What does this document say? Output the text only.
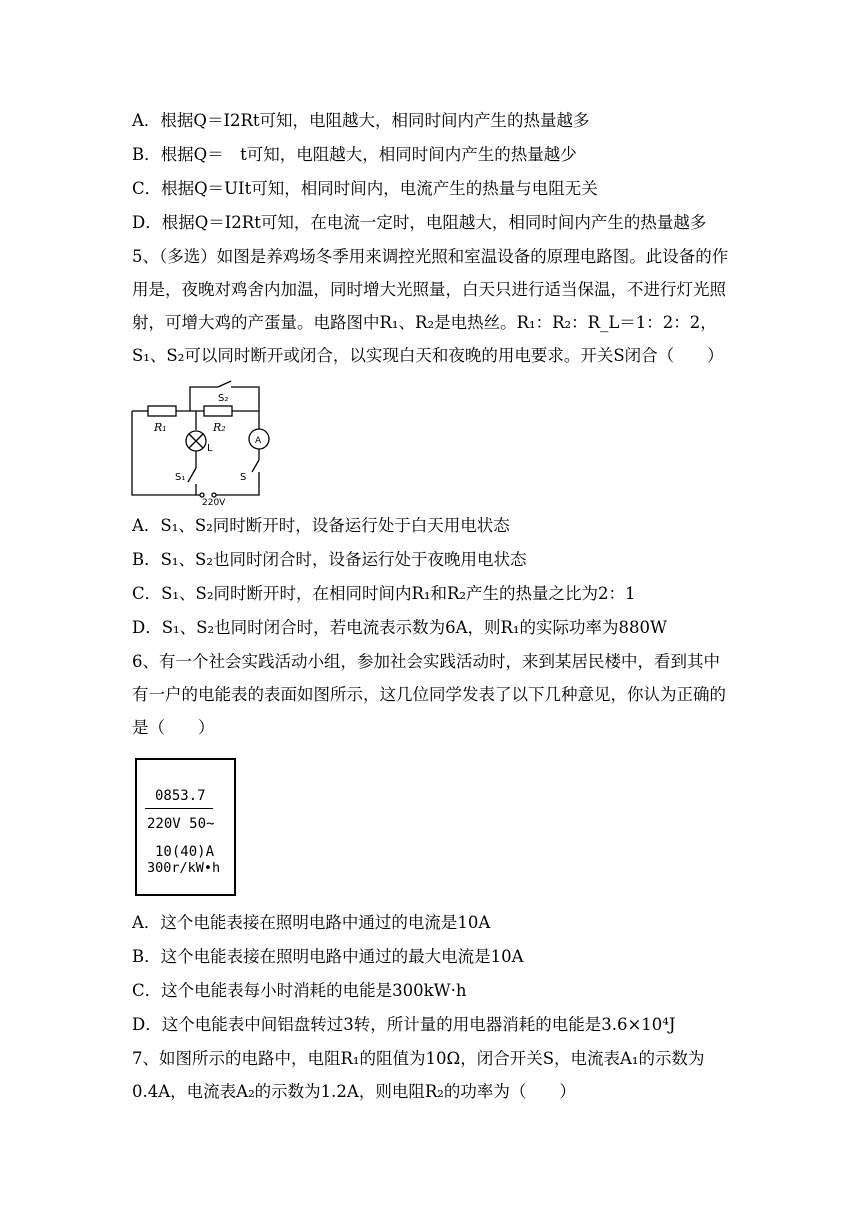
A．根据Q＝I2Rt可知，电阻越大，相同时间内产生的热量越多
B．根据Q＝　t可知，电阻越大，相同时间内产生的热量越少
C．根据Q＝UIt可知，相同时间内，电流产生的热量与电阻无关
D．根据Q＝I2Rt可知，在电流一定时，电阻越大，相同时间内产生的热量越多
5、（多选）如图是养鸡场冬季用来调控光照和室温设备的原理电路图。此设备的作用是，夜晚对鸡舍内加温，同时增大光照量，白天只进行适当保温，不进行灯光照射，可增大鸡的产蛋量。电路图中R₁、R₂是电热丝。R₁：R₂：R_L＝1：2：2，S₁、S₂可以同时断开或闭合，以实现白天和夜晚的用电要求。开关S闭合（　　）
R₁	R₂
S₂
L
A
S₁	S
220V
A．S₁、S₂同时断开时，设备运行处于白天用电状态
B．S₁、S₂也同时闭合时，设备运行处于夜晚用电状态
C．S₁、S₂同时断开时，在相同时间内R₁和R₂产生的热量之比为2：1
D．S₁、S₂也同时闭合时，若电流表示数为6A，则R₁的实际功率为880W
6、有一个社会实践活动小组，参加社会实践活动时，来到某居民楼中，看到其中有一户的电能表的表面如图所示，这几位同学发表了以下几种意见，你认为正确的是（　　）
0853.7
220V 50~
10(40)A
300r/kW•h
A．这个电能表接在照明电路中通过的电流是10A
B．这个电能表接在照明电路中通过的最大电流是10A
C．这个电能表每小时消耗的电能是300kW·h
D．这个电能表中间铝盘转过3转，所计量的用电器消耗的电能是3.6×10⁴J
7、如图所示的电路中，电阻R₁的阻值为10Ω，闭合开关S，电流表A₁的示数为0.4A，电流表A₂的示数为1.2A，则电阻R₂的功率为（　　）
